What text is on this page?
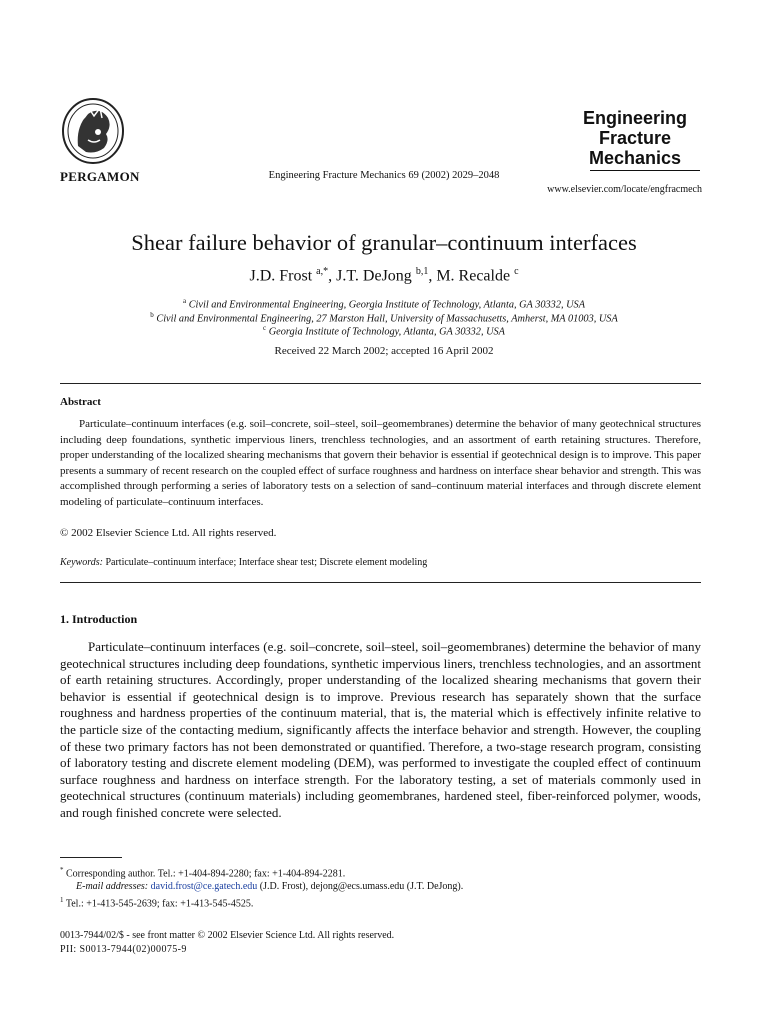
PERGAMON	Engineering Fracture Mechanics 69 (2002) 2029–2048
Engineering
Fracture
Mechanics
www.elsevier.com/locate/engfracmech
Shear failure behavior of granular–continuum interfaces
J.D. Frost $^{a,*}$, J.T. DeJong $^{b,1}$, M. Recalde $^c$
$^a$ Civil and Environmental Engineering, Georgia Institute of Technology, Atlanta, GA 30332, USA
$^b$ Civil and Environmental Engineering, 27 Marston Hall, University of Massachusetts, Amherst, MA 01003, USA
$^c$ Georgia Institute of Technology, Atlanta, GA 30332, USA
Received 22 March 2002; accepted 16 April 2002
Abstract

Particulate–continuum interfaces (e.g. soil–concrete, soil–steel, soil–geomembranes) determine the behavior of many geotechnical structures including deep foundations, synthetic impervious liners, trenchless technologies, and an assortment of earth retaining structures. Therefore, proper understanding of the localized shearing mechanisms that govern their behavior is essential if geotechnical design is to improve. This paper presents a summary of recent research on the coupled effect of surface roughness and hardness on interface shear behavior and strength. This was accomplished through performing a series of laboratory tests on a selection of sand–continuum material interfaces and through discrete element modeling of particulate–continuum interfaces.

© 2002 Elsevier Science Ltd. All rights reserved.
Keywords: Particulate–continuum interface; Interface shear test; Discrete element modeling
1. Introduction

Particulate–continuum interfaces (e.g. soil–concrete, soil–steel, soil–geomembranes) determine the behavior of many geotechnical structures including deep foundations, synthetic impervious liners, trenchless technologies, and an assortment of earth retaining structures. Accordingly, proper understanding of the localized shearing mechanisms that govern their behavior is essential if geotechnical design is to improve. Previous research has separately shown that the surface roughness and hardness properties of the continuum material, that is, the material which is effectively infinite relative to the particle size of the contacting medium, significantly affects the interface behavior and strength. However, the coupling of these two primary factors has not been demonstrated or quantified. Therefore, a two-stage research program, consisting of laboratory testing and discrete element modeling (DEM), was performed to investigate the coupled effect of continuum surface roughness and hardness on interface strength. For the laboratory testing, a set of materials commonly used in geotechnical structures (continuum materials) including geomembranes, hardened steel, fiber-reinforced polymer, woods, and rough finished concrete were selected.

* Corresponding author. Tel.: +1-404-894-2280; fax: +1-404-894-2281.
E-mail addresses: david.frost@ce.gatech.edu (J.D. Frost), dejong@ecs.umass.edu (J.T. DeJong).
$^1$ Tel.: +1-413-545-2639; fax: +1-413-545-4525.
0013-7944/02/$ - see front matter © 2002 Elsevier Science Ltd. All rights reserved.
PII: S0013-7944(02)00075-9
